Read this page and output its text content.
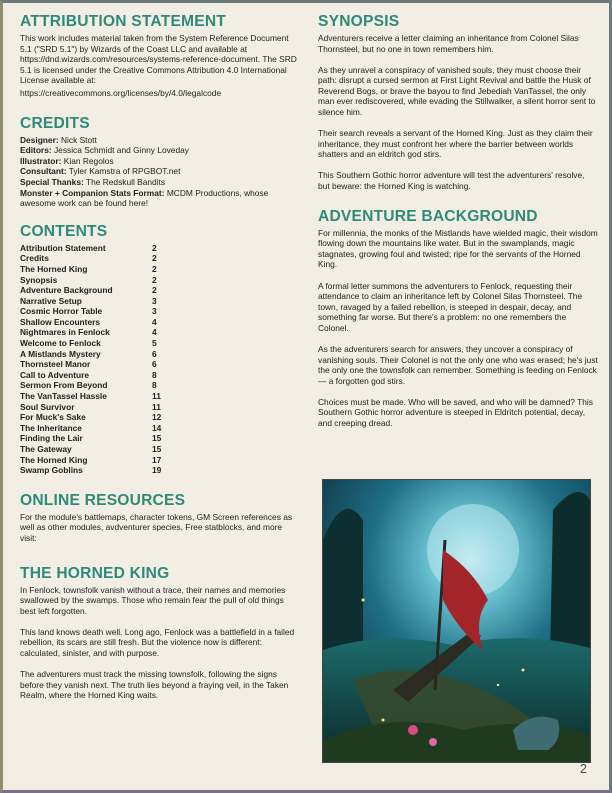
ATTRIBUTION STATEMENT

This work includes material taken from the System Reference Document 5.1 ("SRD 5.1") by Wizards of the Coast LLC and available at https://dnd.wizards.com/resources/systems-reference-document. The SRD 5.1 is licensed under the Creative Commons Attribution 4.0 International License available at:

https://creativecommons.org/licenses/by/4.0/legalcode

CREDITS

Designer: Nick Stott

Editors: Jessica Schmidt and Ginny Loveday

Illustrator: Kian Regolos

Consultant: Tyler Kamstra of RPGBOT.net

Special Thanks: The Redskull Bandits

Monster + Companion Stats Format: MCDM Productions, whose awesome work can be found here!

CONTENTS
Attribution Statement	2
Credits	2
The Horned King	2
Synopsis	2
Adventure Background	2
Narrative Setup	3
Cosmic Horror Table	3
Shallow Encounters	4
Nightmares in Fenlock	4
Welcome to Fenlock	5
A Mistlands Mystery	6
Thornsteel Manor	6
Call to Adventure	8
Sermon From Beyond	8
The VanTassel Hassle	11
Soul Survivor	11
For Muck's Sake	12
The Inheritance	14
Finding the Lair	15
The Gateway	15
The Horned King	17
Swamp Goblins	19
ONLINE RESOURCES

For the module's battlemaps, character tokens, GM Screen references as well as other modules, avdventurer species, Free statblocks, and more visit:

THE HORNED KING

In Fenlock, townsfolk vanish without a trace, their names and memories swallowed by the swamps. Those who remain fear the pull of old things best left forgotten.

This land knows death well. Long ago, Fenlock was a battlefield in a failed rebellion, its scars are still fresh. But the violence now is different: calculated, sinister, and with purpose.

The adventurers must track the missing townsfolk, following the signs before they vanish next. The truth lies beyond a fraying veil, in the Taken Realm, where the Horned King waits.

SYNOPSIS

Adventurers receive a letter claiming an inheritance from Colonel Silas Thornsteel, but no one in town remembers him.

As they unravel a conspiracy of vanished souls, they must choose their path: disrupt a cursed sermon at First Light Revival and battle the Husk of Reverend Bogs, or brave the bayou to find Jebediah VanTassel, the only man ever rediscovered, while evading the Stillwalker, a silent horror sent to silence him.

Their search reveals a servant of the Horned King. Just as they claim their inheritance, they must confront her where the barrier between worlds shatters and an eldritch god stirs.

This Southern Gothic horror adventure will test the adventurers' resolve, but beware: the Horned King is watching.

ADVENTURE BACKGROUND

For millennia, the monks of the Mistlands have wielded magic, their wisdom flowing down the mountains like water. But in the swamplands, magic stagnates, growing foul and twisted; ripe for the servants of the Horned King.

A formal letter summons the adventurers to Fenlock, requesting their attendance to claim an inheritance left by Colonel Silas Thornsteel. The town, ravaged by a failed rebellion, is steeped in despair, decay, and something far worse. But there's a problem: no one remembers the Colonel.

As the adventurers search for answers, they uncover a conspiracy of vanishing souls. Their Colonel is not the only one who was erased; he's just the only one the townsfolk can remember. Something is feeding on Fenlock — a forgotten god stirs.

Choices must be made. Who will be saved, and who will be damned? This Southern Gothic horror adventure is steeped in Eldritch potential, decay, and creeping dread.

2
